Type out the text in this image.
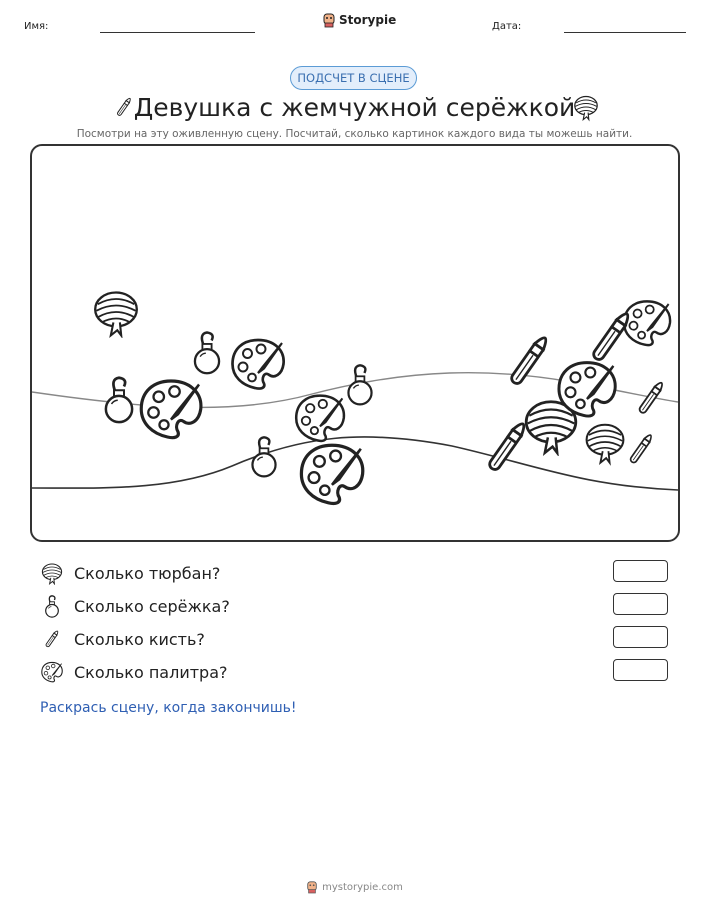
Имя:	Storypie	Дата:
ПОДСЧЕТ В СЦЕНЕ
Девушка с жемчужной серёжкой
Посмотри на эту оживленную сцену. Посчитай, сколько картинок каждого вида ты можешь найти.
Сколько тюрбан?
Сколько серёжка?
Сколько кисть?
Сколько палитра?
Раскрась сцену, когда закончишь!
mystorypie.com
